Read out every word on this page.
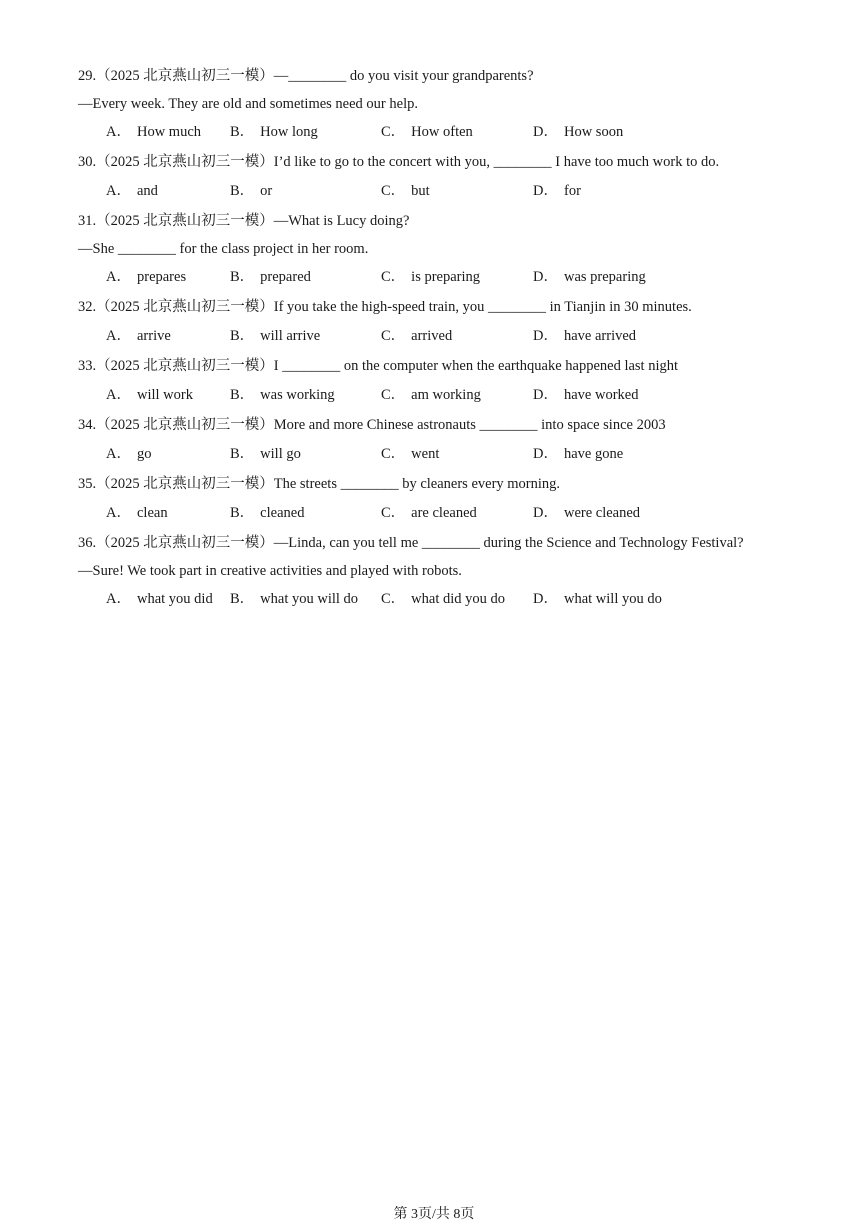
29.（2025 北京燕山初三一模）—________ do you visit your grandparents?
—Every week. They are old and sometimes need our help.
A． How much B． How long	C． How often	D． How soon
30.（2025 北京燕山初三一模）I’d like to go to the concert with you, ________ I have too much work to do.
A． and	B． or	C． but	D． for
31.（2025 北京燕山初三一模）—What is Lucy doing?
—She ________ for the class project in her room.
A． prepares	B． prepared	C． is preparing	D． was preparing
32.（2025 北京燕山初三一模）If you take the high-speed train, you ________ in Tianjin in 30 minutes.
A． arrive	B． will arrive	C． arrived	D． have arrived
33.（2025 北京燕山初三一模）I ________ on the computer when the earthquake happened last night
A． will work	B． was working	C． am working	D． have worked
34.（2025 北京燕山初三一模）More and more Chinese astronauts ________ into space since 2003
A． go	B． will go	C． went	D． have gone
35.（2025 北京燕山初三一模）The streets ________ by cleaners every morning.
A． clean	B． cleaned	C． are cleaned	D． were cleaned
36.（2025 北京燕山初三一模）—Linda, can you tell me ________ during the Science and Technology Festival?
—Sure! We took part in creative activities and played with robots.
A． what you did B． what you will do C． what did you do D． what will you do
第 3页/共 8页
